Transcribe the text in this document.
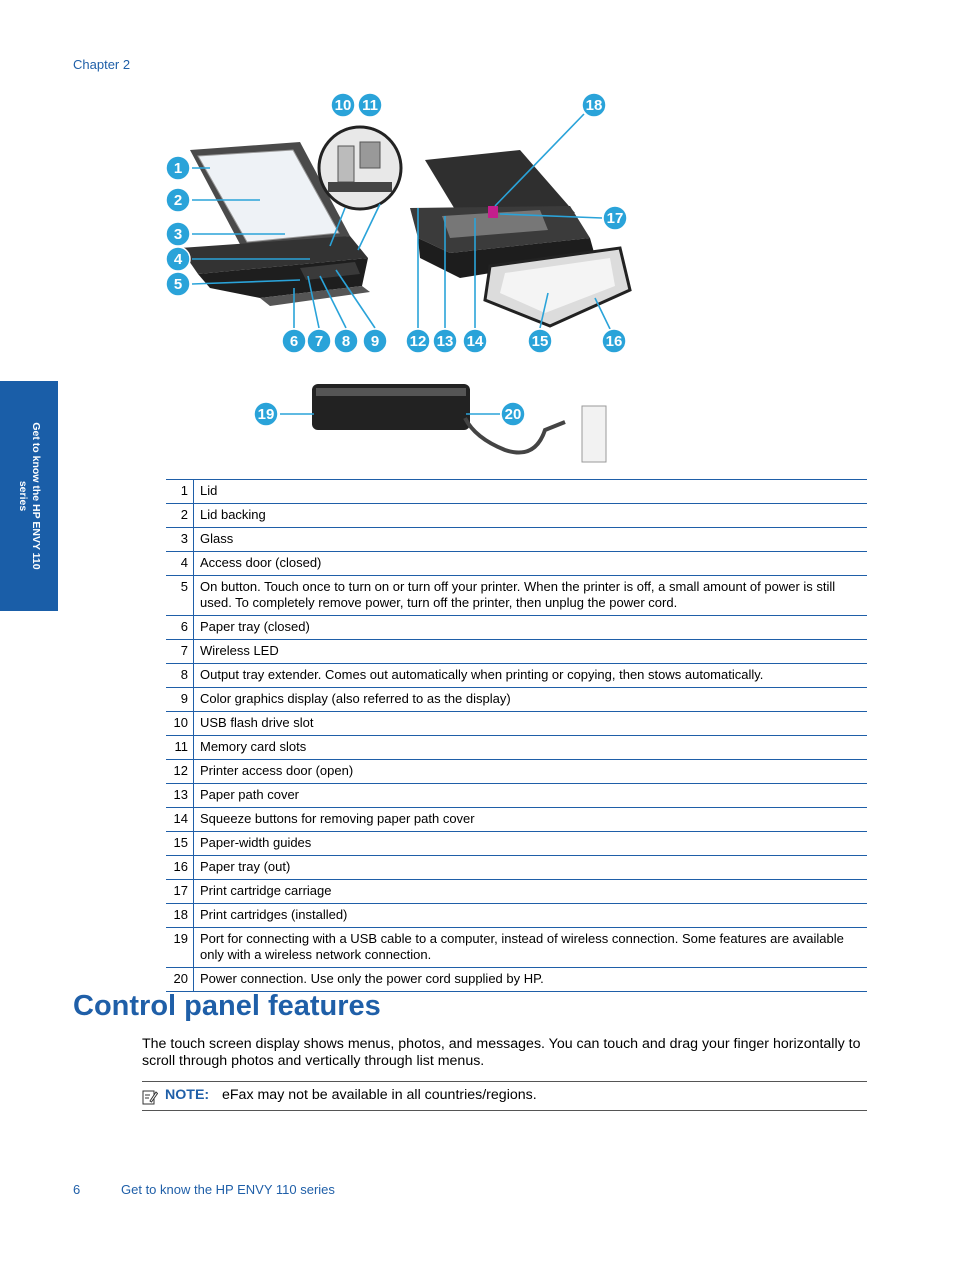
Chapter 2
Get to know the HP ENVY 110
series
1
2
3
4
5
6 7 8 9
10 11
12 13 14	15	16
17
18
19	20
1	Lid
2	Lid backing
3	Glass
4	Access door (closed)
5	On button. Touch once to turn on or turn off your printer. When the printer is off, a small amount of power is still used. To completely remove power, turn off the printer, then unplug the power cord.
6	Paper tray (closed)
7	Wireless LED
8	Output tray extender. Comes out automatically when printing or copying, then stows automatically.
9	Color graphics display (also referred to as the display)
10	USB flash drive slot
11	Memory card slots
12	Printer access door (open)
13	Paper path cover
14	Squeeze buttons for removing paper path cover
15	Paper-width guides
16	Paper tray (out)
17	Print cartridge carriage
18	Print cartridges (installed)
19	Port for connecting with a USB cable to a computer, instead of wireless connection. Some features are available only with a wireless network connection.
20	Power connection. Use only the power cord supplied by HP.
Control panel features
The touch screen display shows menus, photos, and messages. You can touch and drag your finger horizontally to scroll through photos and vertically through list menus.
NOTE: eFax may not be available in all countries/regions.
6	Get to know the HP ENVY 110 series
